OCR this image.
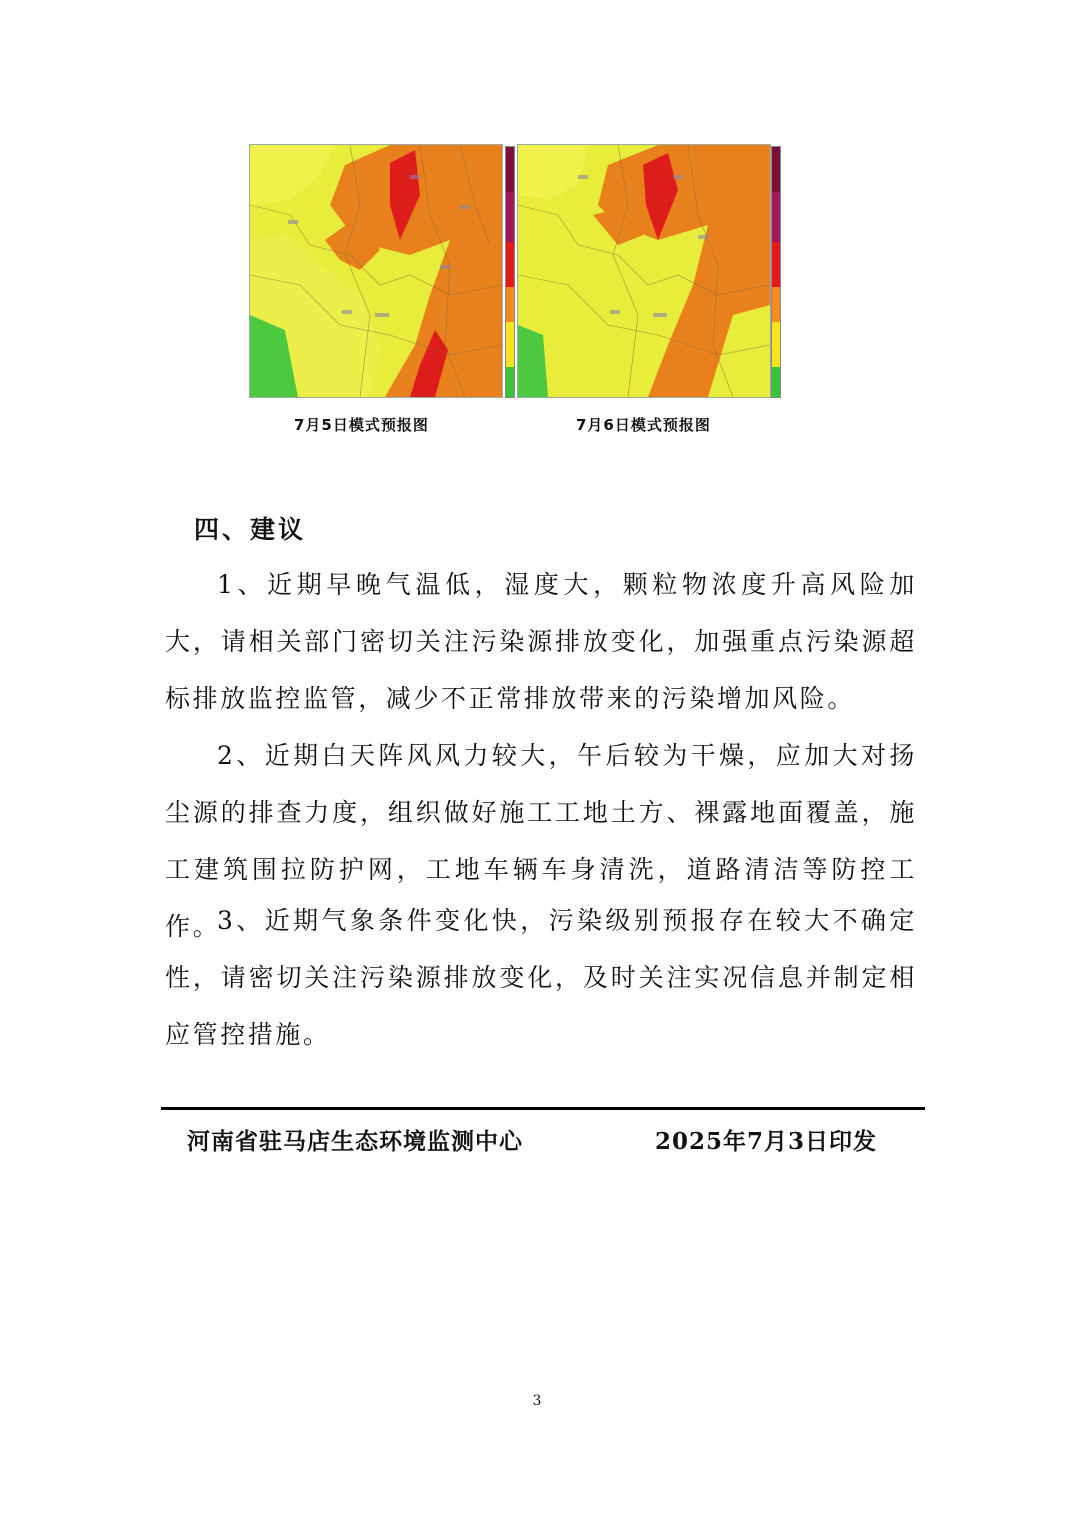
7月5日模式预报图	7月6日模式预报图
四、建议

1、近期早晚气温低，湿度大，颗粒物浓度升高风险加大，请相关部门密切关注污染源排放变化，加强重点污染源超标排放监控监管，减少不正常排放带来的污染增加风险。

2、近期白天阵风风力较大，午后较为干燥，应加大对扬尘源的排查力度，组织做好施工工地土方、裸露地面覆盖，施工建筑围拉防护网，工地车辆车身清洗，道路清洁等防控工作。

3、近期气象条件变化快，污染级别预报存在较大不确定性，请密切关注污染源排放变化，及时关注实况信息并制定相应管控措施。

河南省驻马店生态环境监测中心	2025年7月3日印发
3
